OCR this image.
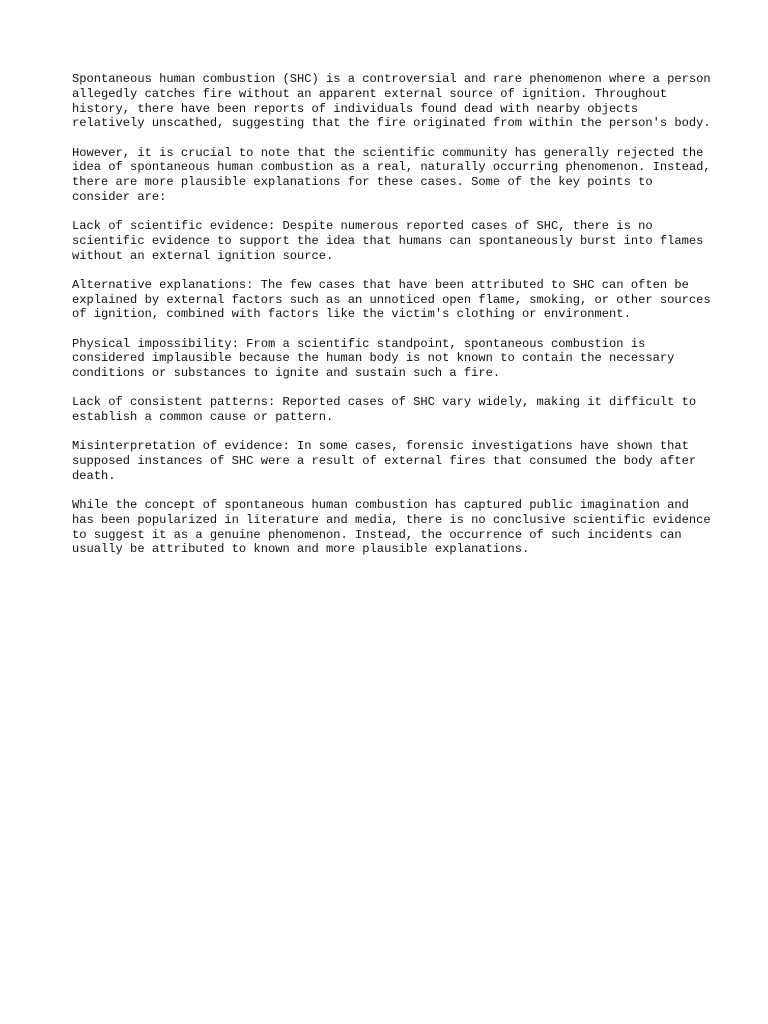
Spontaneous human combustion (SHC) is a controversial and rare phenomenon where a person allegedly catches fire without an apparent external source of ignition. Throughout history, there have been reports of individuals found dead with nearby objects relatively unscathed, suggesting that the fire originated from within the person's body.

However, it is crucial to note that the scientific community has generally rejected the idea of spontaneous human combustion as a real, naturally occurring phenomenon. Instead, there are more plausible explanations for these cases. Some of the key points to consider are:

Lack of scientific evidence: Despite numerous reported cases of SHC, there is no scientific evidence to support the idea that humans can spontaneously burst into flames without an external ignition source.

Alternative explanations: The few cases that have been attributed to SHC can often be explained by external factors such as an unnoticed open flame, smoking, or other sources of ignition, combined with factors like the victim's clothing or environment.

Physical impossibility: From a scientific standpoint, spontaneous combustion is considered implausible because the human body is not known to contain the necessary conditions or substances to ignite and sustain such a fire.

Lack of consistent patterns: Reported cases of SHC vary widely, making it difficult to establish a common cause or pattern.

Misinterpretation of evidence: In some cases, forensic investigations have shown that supposed instances of SHC were a result of external fires that consumed the body after death.

While the concept of spontaneous human combustion has captured public imagination and has been popularized in literature and media, there is no conclusive scientific evidence to suggest it as a genuine phenomenon. Instead, the occurrence of such incidents can usually be attributed to known and more plausible explanations.
